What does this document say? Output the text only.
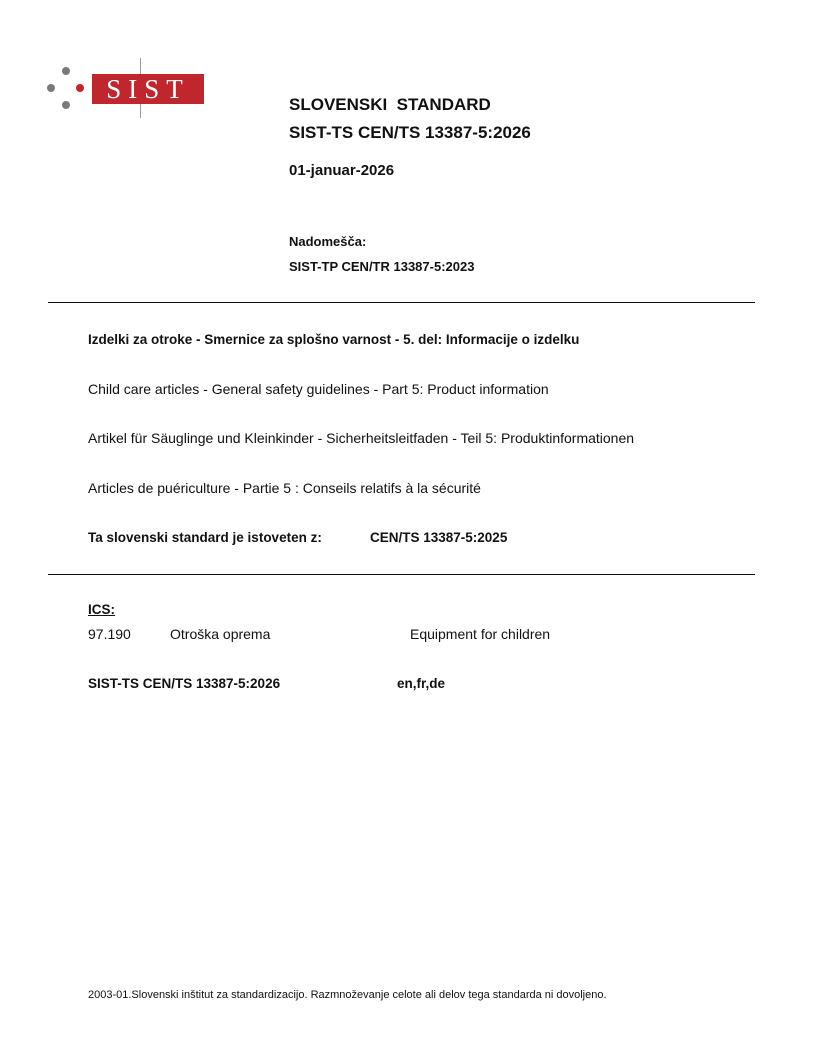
SIST
SLOVENSKI  STANDARD
SIST-TS CEN/TS 13387-5:2026
01-januar-2026
Nadomešča:
SIST-TP CEN/TR 13387-5:2023
Izdelki za otroke - Smernice za splošno varnost - 5. del: Informacije o izdelku
Child care articles - General safety guidelines - Part 5: Product information
Artikel für Säuglinge und Kleinkinder - Sicherheitsleitfaden - Teil 5: Produktinformationen
Articles de puériculture - Partie 5 : Conseils relatifs à la sécurité
Ta slovenski standard je istoveten z:	CEN/TS 13387-5:2025
ICS:
97.190	Otroška oprema	Equipment for children
SIST-TS CEN/TS 13387-5:2026	en,fr,de
2003-01.Slovenski inštitut za standardizacijo. Razmnoževanje celote ali delov tega standarda ni dovoljeno.
